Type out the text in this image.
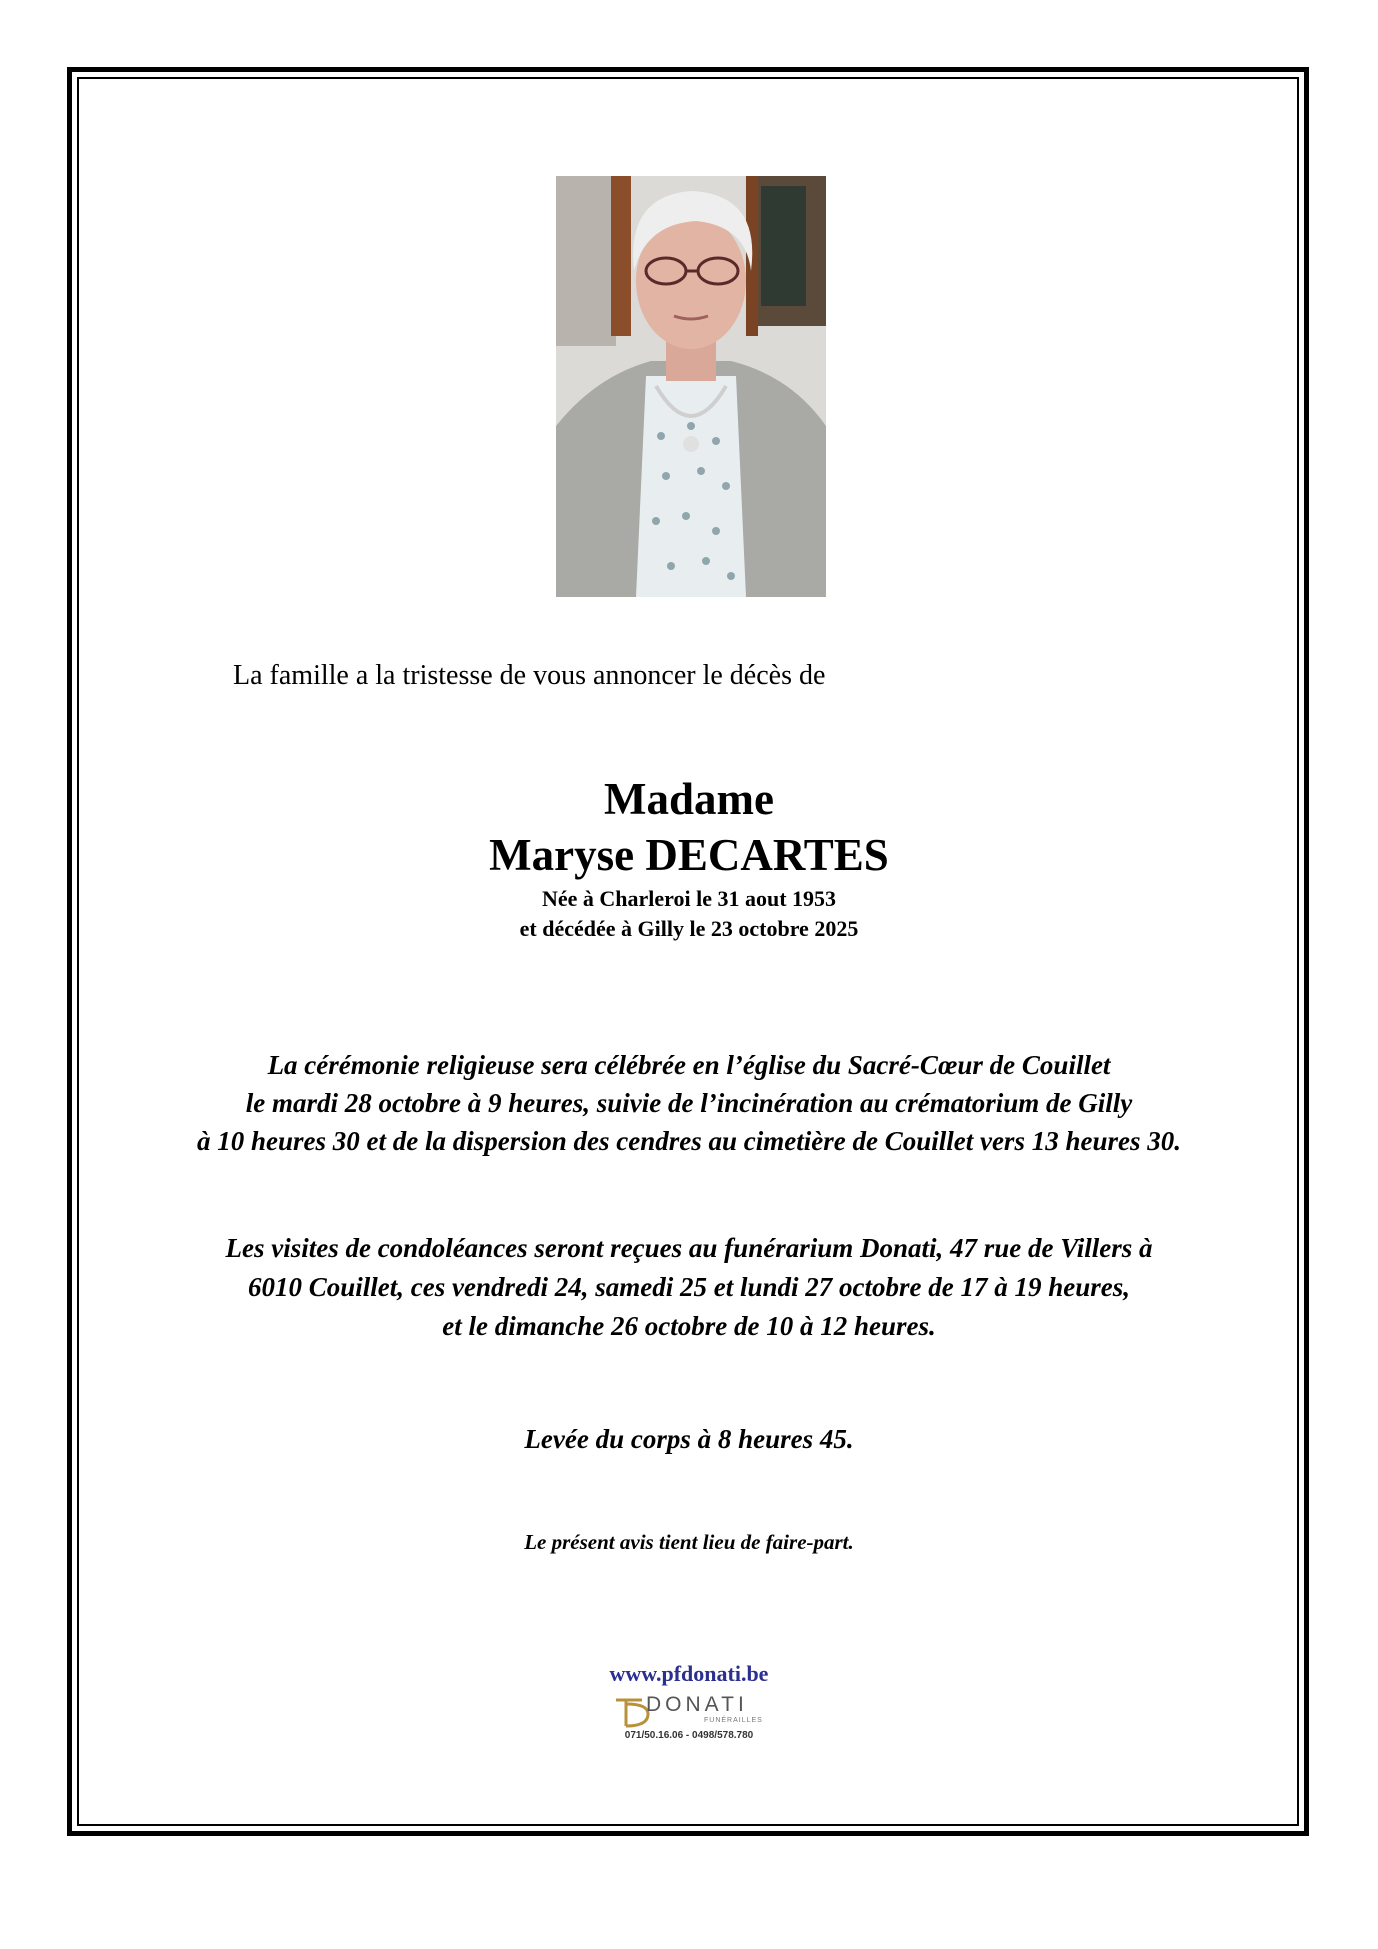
La famille a la tristesse de vous annoncer le décès de
Madame
Maryse DECARTES
Née à Charleroi le 31 aout 1953
et décédée à Gilly le 23 octobre 2025
La cérémonie religieuse sera célébrée en l’église du Sacré-Cœur de Couillet
le mardi 28 octobre à 9 heures, suivie de l’incinération au crématorium de Gilly
à 10 heures 30 et de la dispersion des cendres au cimetière de Couillet vers 13 heures 30.
Les visites de condoléances seront reçues au funérarium Donati, 47 rue de Villers à
6010 Couillet, ces vendredi 24, samedi 25 et lundi 27 octobre de 17 à 19 heures,
et le dimanche 26 octobre de 10 à 12 heures.
Levée du corps à 8 heures 45.
Le présent avis tient lieu de faire-part.
www.pfdonati.be
DONATI
FUNÉRAILLES
071/50.16.06 - 0498/578.780
